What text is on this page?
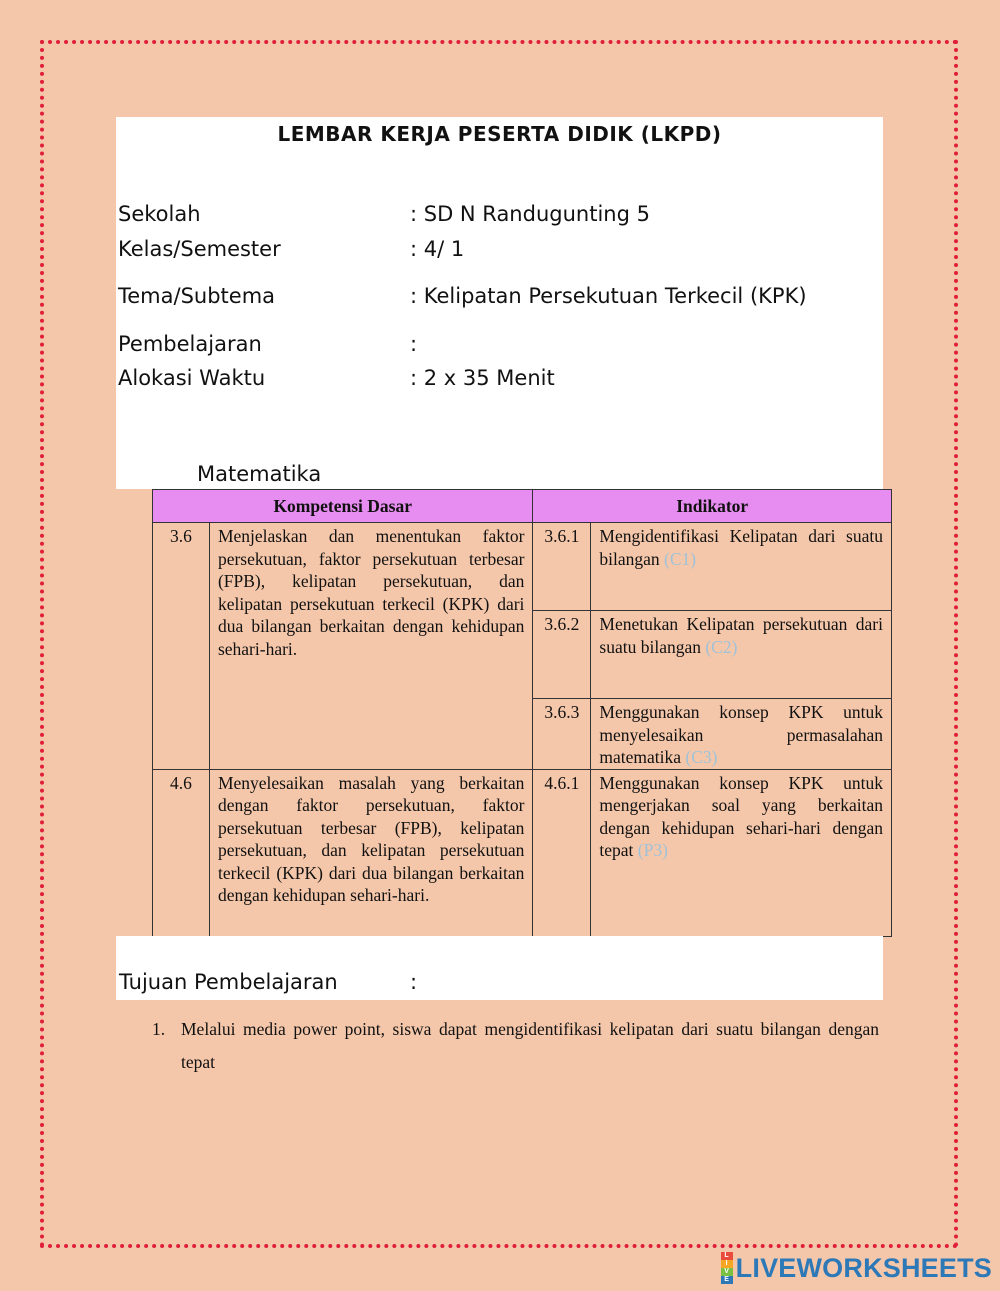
LEMBAR KERJA PESERTA DIDIK (LKPD)
Sekolah	: SD N Randugunting 5
Kelas/Semester	: 4/ 1
Tema/Subtema	: Kelipatan Persekutuan Terkecil (KPK)
Pembelajaran	:
Alokasi Waktu	: 2 x 35 Menit
Matematika
Kompetensi Dasar		Indikator	
3.6	Menjelaskan dan menentukan faktor persekutuan, faktor persekutuan terbesar (FPB), kelipatan persekutuan, dan kelipatan persekutuan terkecil (KPK) dari dua bilangan berkaitan dengan kehidupan sehari-hari.	3.6.1	Mengidentifikasi Kelipatan dari suatu bilangan (C1)
		3.6.2	Menetukan Kelipatan persekutuan dari suatu bilangan (C2)
		3.6.3	Menggunakan konsep KPK untuk menyelesaikan permasalahan matematika (C3)
4.6	Menyelesaikan masalah yang berkaitan dengan faktor persekutuan, faktor persekutuan terbesar (FPB), kelipatan persekutuan, dan kelipatan persekutuan terkecil (KPK) dari dua bilangan berkaitan dengan kehidupan sehari-hari.	4.6.1	Menggunakan konsep KPK untuk mengerjakan soal yang berkaitan dengan kehidupan sehari-hari dengan tepat (P3)
Tujuan Pembelajaran	:
1. Melalui media power point, siswa dapat mengidentifikasi kelipatan dari suatu bilangan dengan tepat
L
I
V
E LIVEWORKSHEETS
